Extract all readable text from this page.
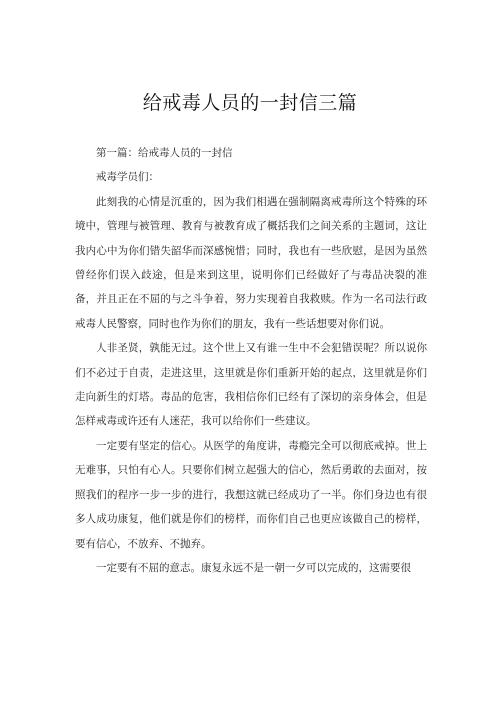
给戒毒人员的一封信三篇

第一篇：给戒毒人员的一封信

戒毒学员们：

此刻我的心情是沉重的，因为我们相遇在强制隔离戒毒所这个特殊的环境中，管理与被管理、教育与被教育成了概括我们之间关系的主题词，这让我内心中为你们错失韶华而深感惋惜；同时，我也有一些欣慰，是因为虽然曾经你们误入歧途，但是来到这里，说明你们已经做好了与毒品决裂的准备，并且正在不屈的与之斗争着，努力实现着自我救赎。作为一名司法行政戒毒人民警察，同时也作为你们的朋友，我有一些话想要对你们说。

人非圣贤，孰能无过。这个世上又有谁一生中不会犯错误呢？所以说你们不必过于自责，走进这里，这里就是你们重新开始的起点，这里就是你们走向新生的灯塔。毒品的危害，我相信你们已经有了深切的亲身体会，但是怎样戒毒或许还有人迷茫，我可以给你们一些建议。

一定要有坚定的信心。从医学的角度讲，毒瘾完全可以彻底戒掉。世上无难事，只怕有心人。只要你们树立起强大的信心，然后勇敢的去面对，按照我们的程序一步一步的进行，我想这就已经成功了一半。你们身边也有很多人成功康复，他们就是你们的榜样，而你们自己也更应该做自己的榜样，要有信心，不放弃、不抛弃。

一定要有不屈的意志。康复永远不是一朝一夕可以完成的，这需要很
